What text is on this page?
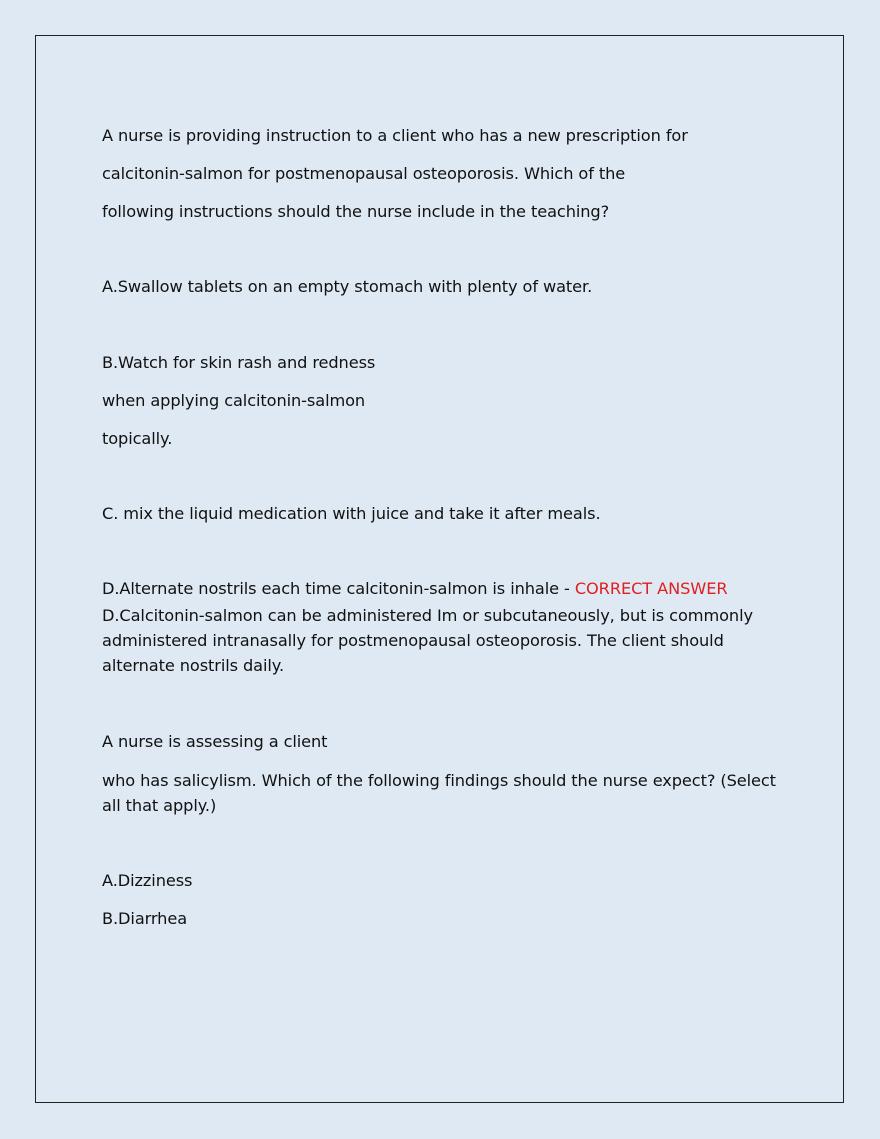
A nurse is providing instruction to a client who has a new prescription for
calcitonin-salmon for postmenopausal osteoporosis. Which of the
following instructions should the nurse include in the teaching?
A.Swallow tablets on an empty stomach with plenty of water.
B.Watch for skin rash and redness
when applying calcitonin-salmon
topically.
C. mix the liquid medication with juice and take it after meals.
D.Alternate nostrils each time calcitonin-salmon is inhale - CORRECT ANSWER
D.Calcitonin-salmon can be administered Im or subcutaneously, but is commonly administered intranasally for postmenopausal osteoporosis. The client should alternate nostrils daily.
A nurse is assessing a client
who has salicylism. Which of the following findings should the nurse expect? (Select all that apply.)
A.Dizziness
B.Diarrhea
